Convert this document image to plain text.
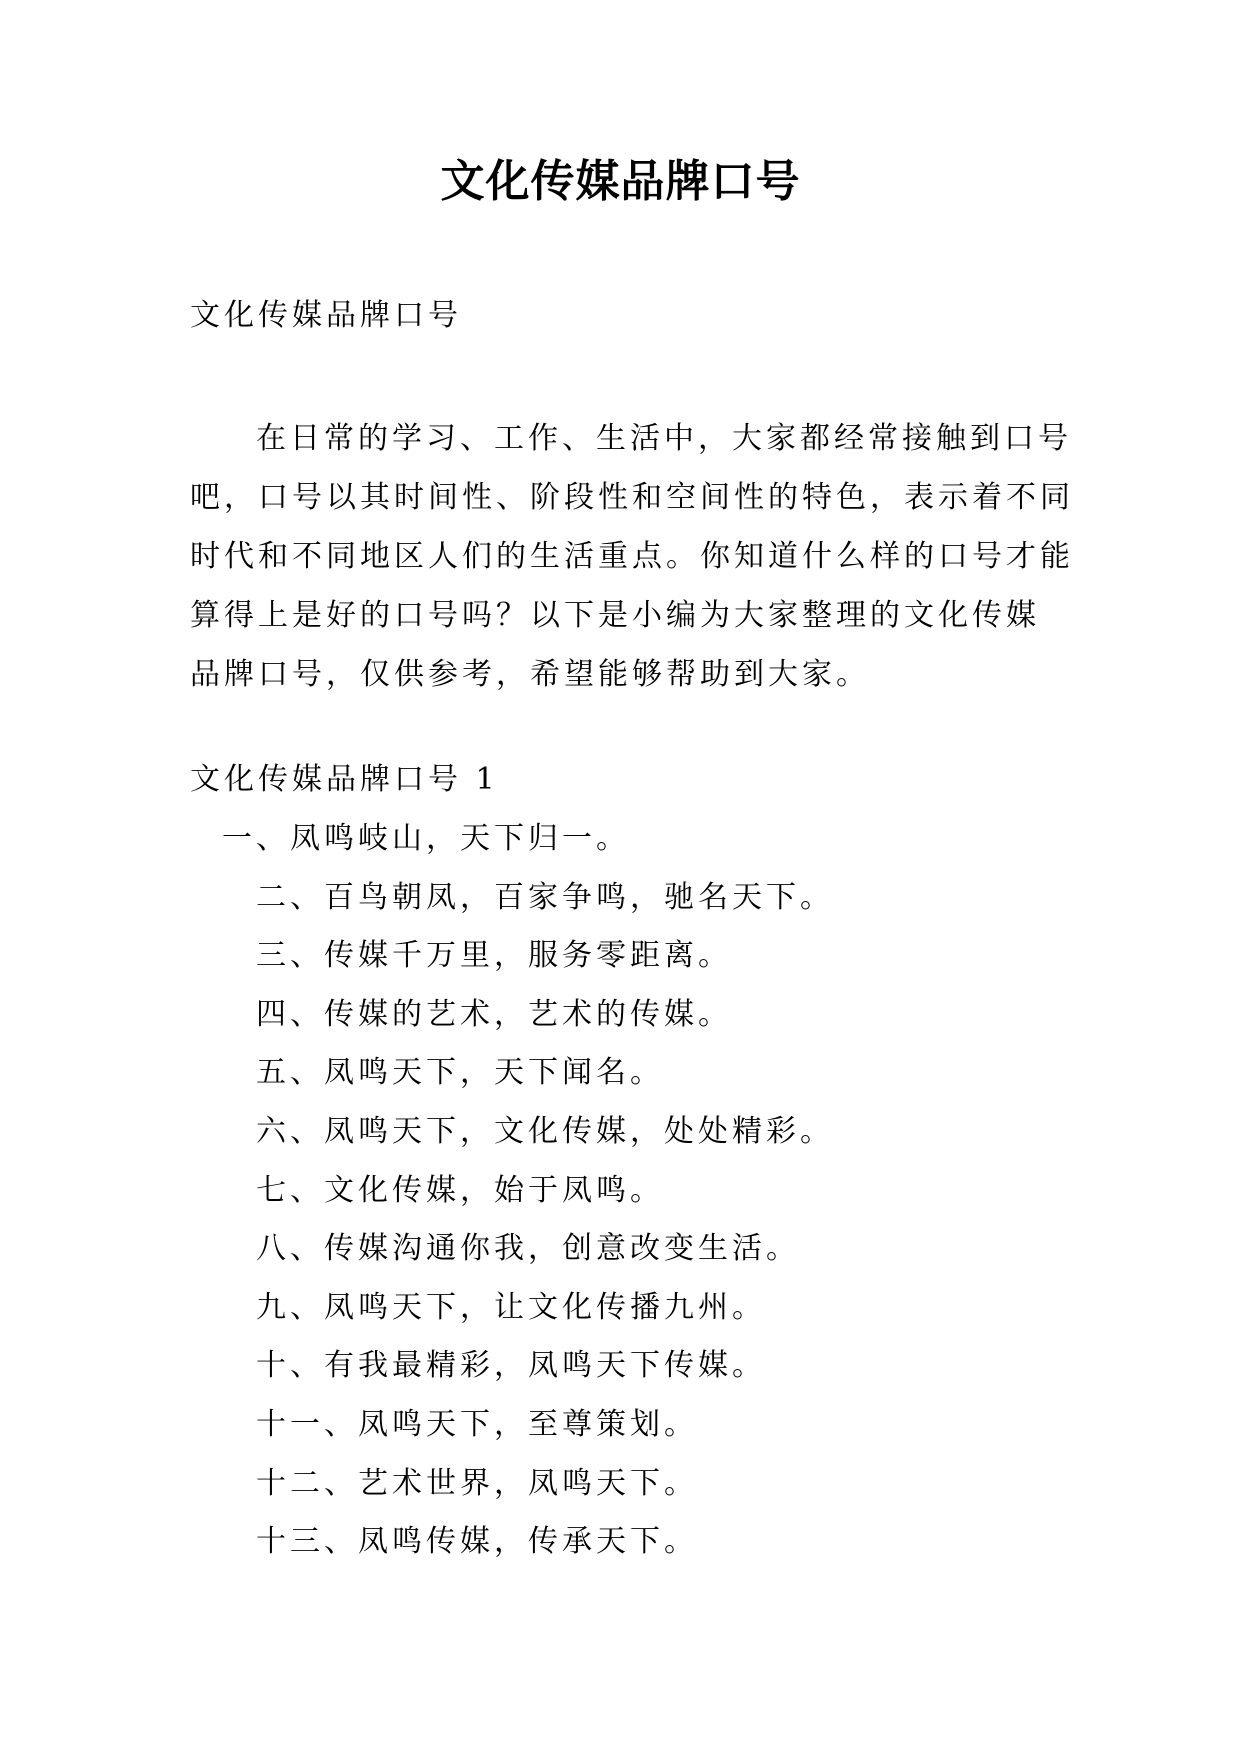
文化传媒品牌口号
文化传媒品牌口号
在日常的学习、工作、生活中，大家都经常接触到口号
吧，口号以其时间性、阶段性和空间性的特色，表示着不同
时代和不同地区人们的生活重点。你知道什么样的口号才能
算得上是好的口号吗？以下是小编为大家整理的文化传媒
品牌口号，仅供参考，希望能够帮助到大家。
文化传媒品牌口号 1
一、凤鸣岐山，天下归一。
二、百鸟朝凤，百家争鸣，驰名天下。
三、传媒千万里，服务零距离。
四、传媒的艺术，艺术的传媒。
五、凤鸣天下，天下闻名。
六、凤鸣天下，文化传媒，处处精彩。
七、文化传媒，始于凤鸣。
八、传媒沟通你我，创意改变生活。
九、凤鸣天下，让文化传播九州。
十、有我最精彩，凤鸣天下传媒。
十一、凤鸣天下，至尊策划。
十二、艺术世界，凤鸣天下。
十三、凤鸣传媒，传承天下。
